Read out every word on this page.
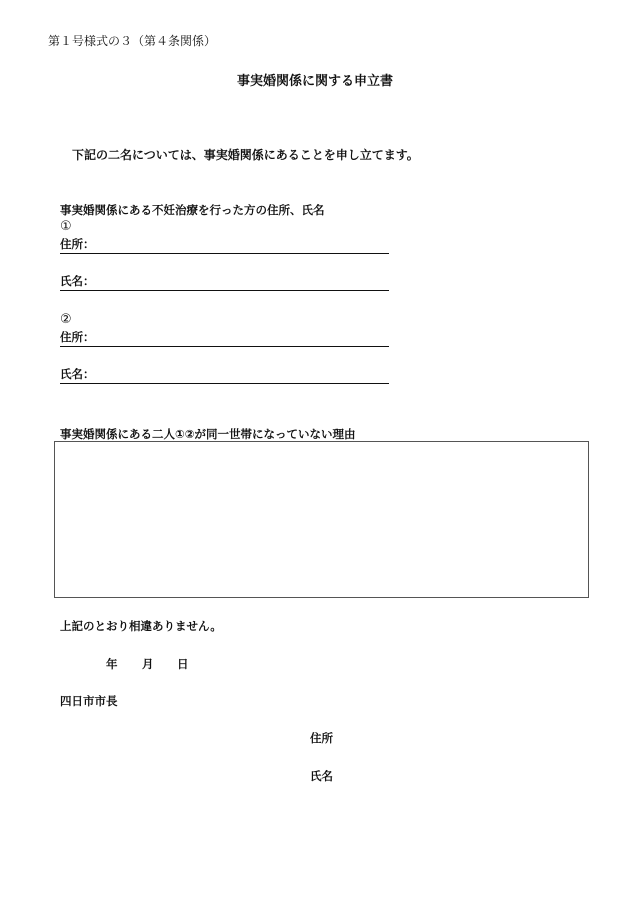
第１号様式の３（第４条関係）
事実婚関係に関する申立書
下記の二名については、事実婚関係にあることを申し立てます。
事実婚関係にある不妊治療を行った方の住所、氏名
①
住所：
氏名：
②
住所：
氏名：
事実婚関係にある二人①②が同一世帯になっていない理由
上記のとおり相違ありません。
年 月 日
四日市市長
住所
氏名
